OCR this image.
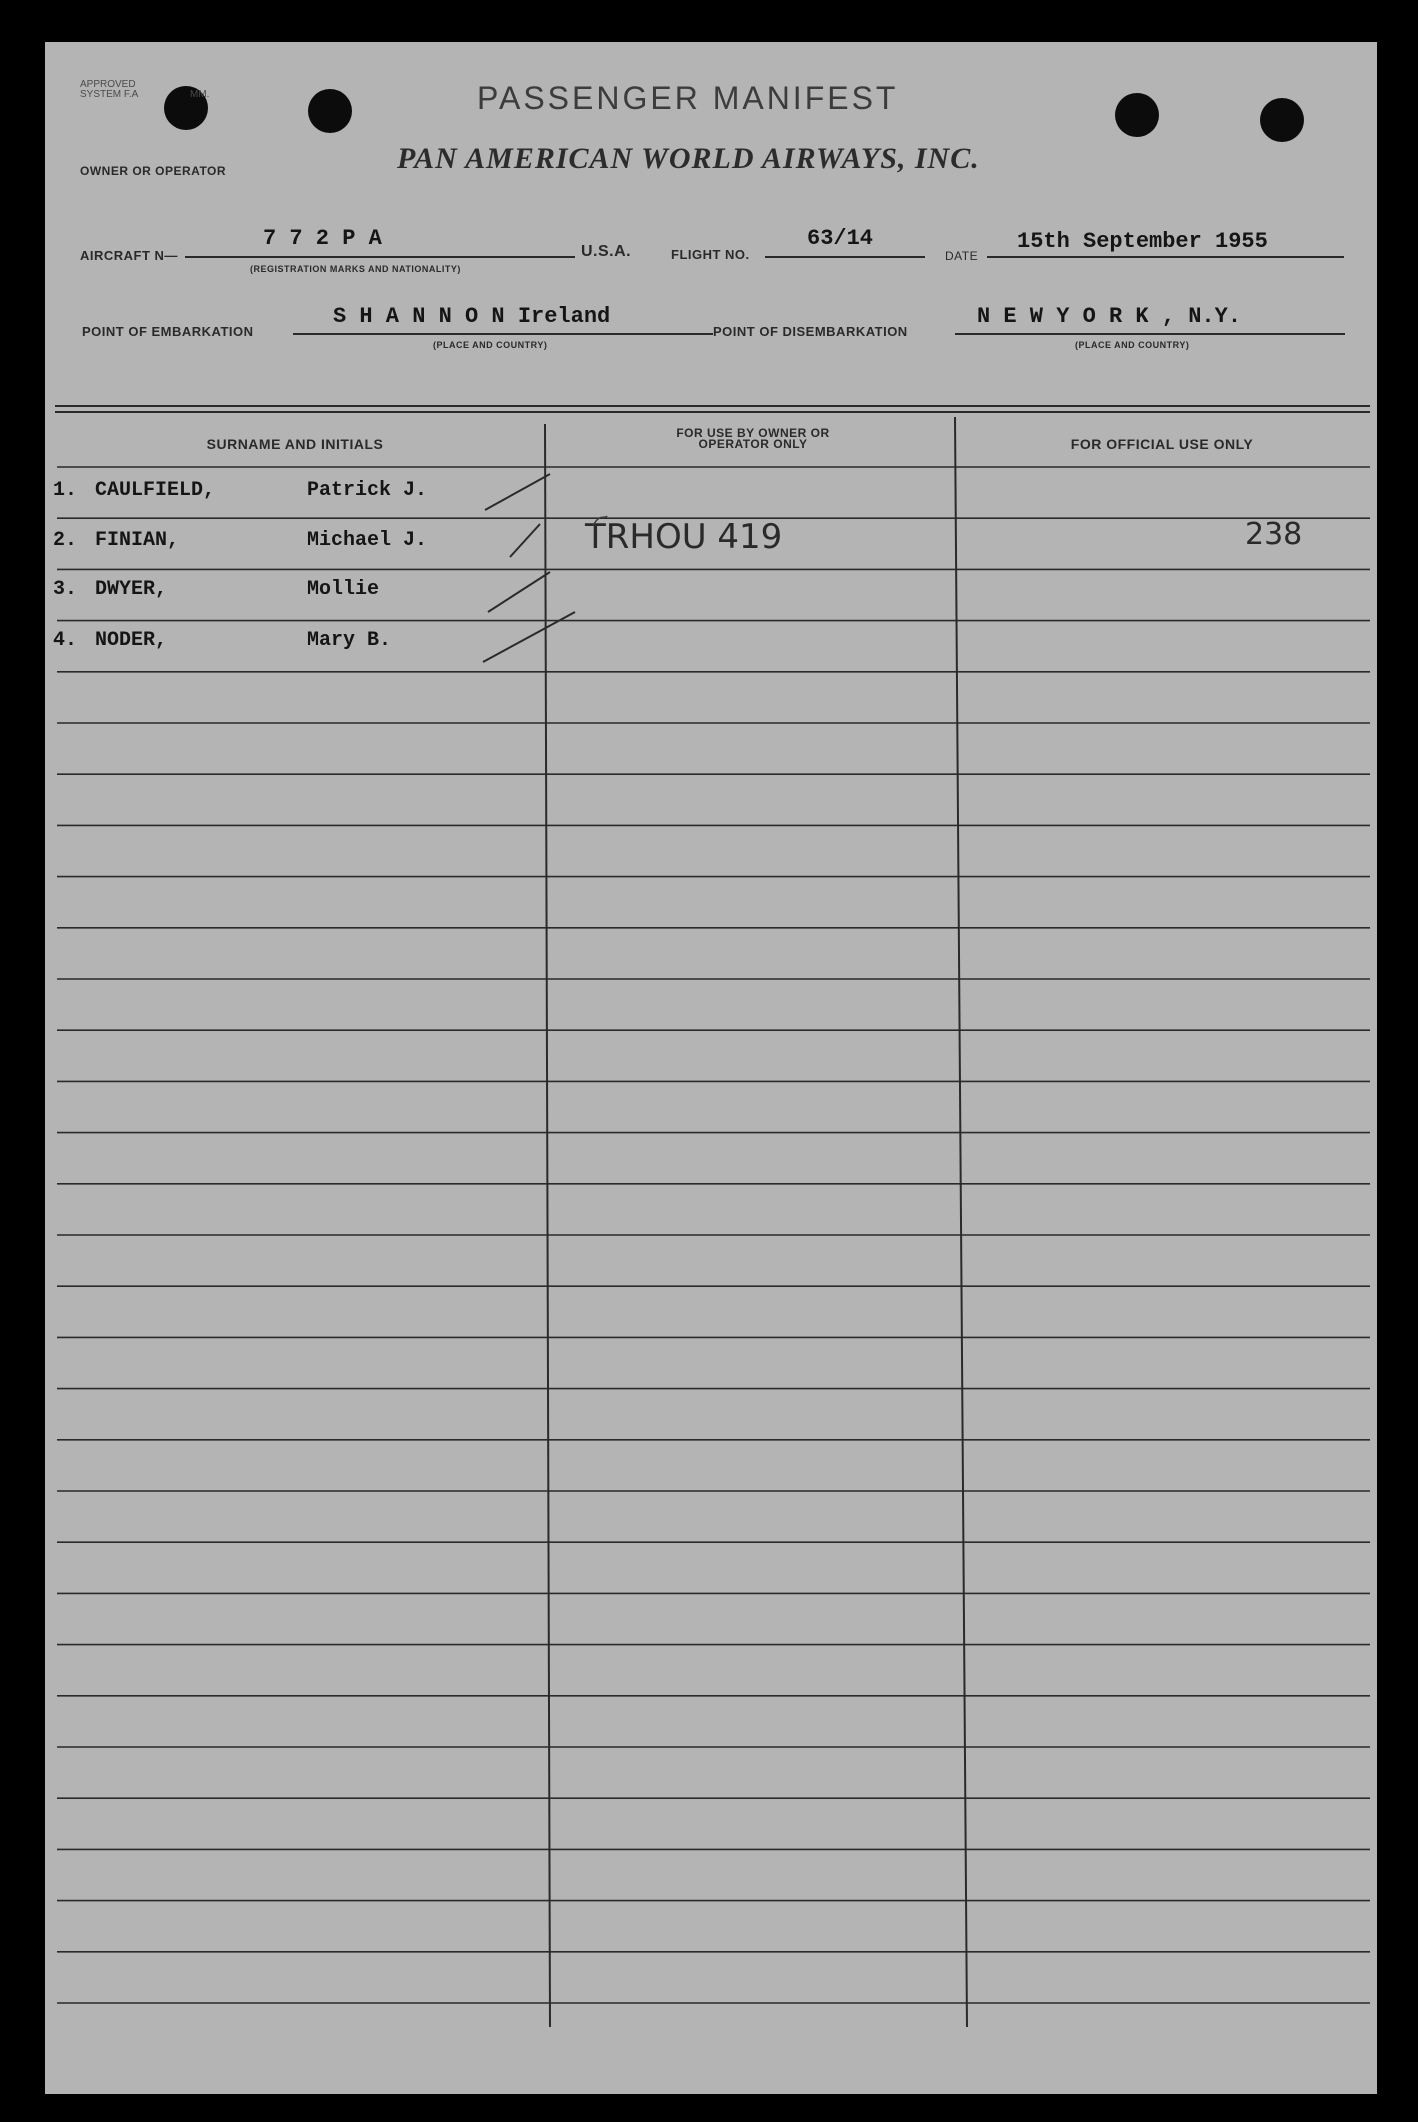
APPROVED
SYSTEM F.A	MM.	PASSENGER MANIFEST
OWNER OR OPERATOR	PAN AMERICAN WORLD AIRWAYS, INC.
AIRCRAFT N—
7 7 2 P A
(REGISTRATION MARKS AND NATIONALITY)
U.S.A.	FLIGHT NO.
63/14
DATE
15th September 1955
POINT OF EMBARKATION
S H A N N O N Ireland
(PLACE AND COUNTRY)
POINT OF DISEMBARKATION
N E W Y O R K , N.Y.
(PLACE AND COUNTRY)
SURNAME AND INITIALS
FOR USE BY OWNER OR OPERATOR ONLY	FOR OFFICIAL USE ONLY
1. CAULFIELD,	Patrick J.
2. FINIAN,	Michael J.	TRHOU 419	238
3. DWYER,	Mollie
4. NODER,	Mary B.
